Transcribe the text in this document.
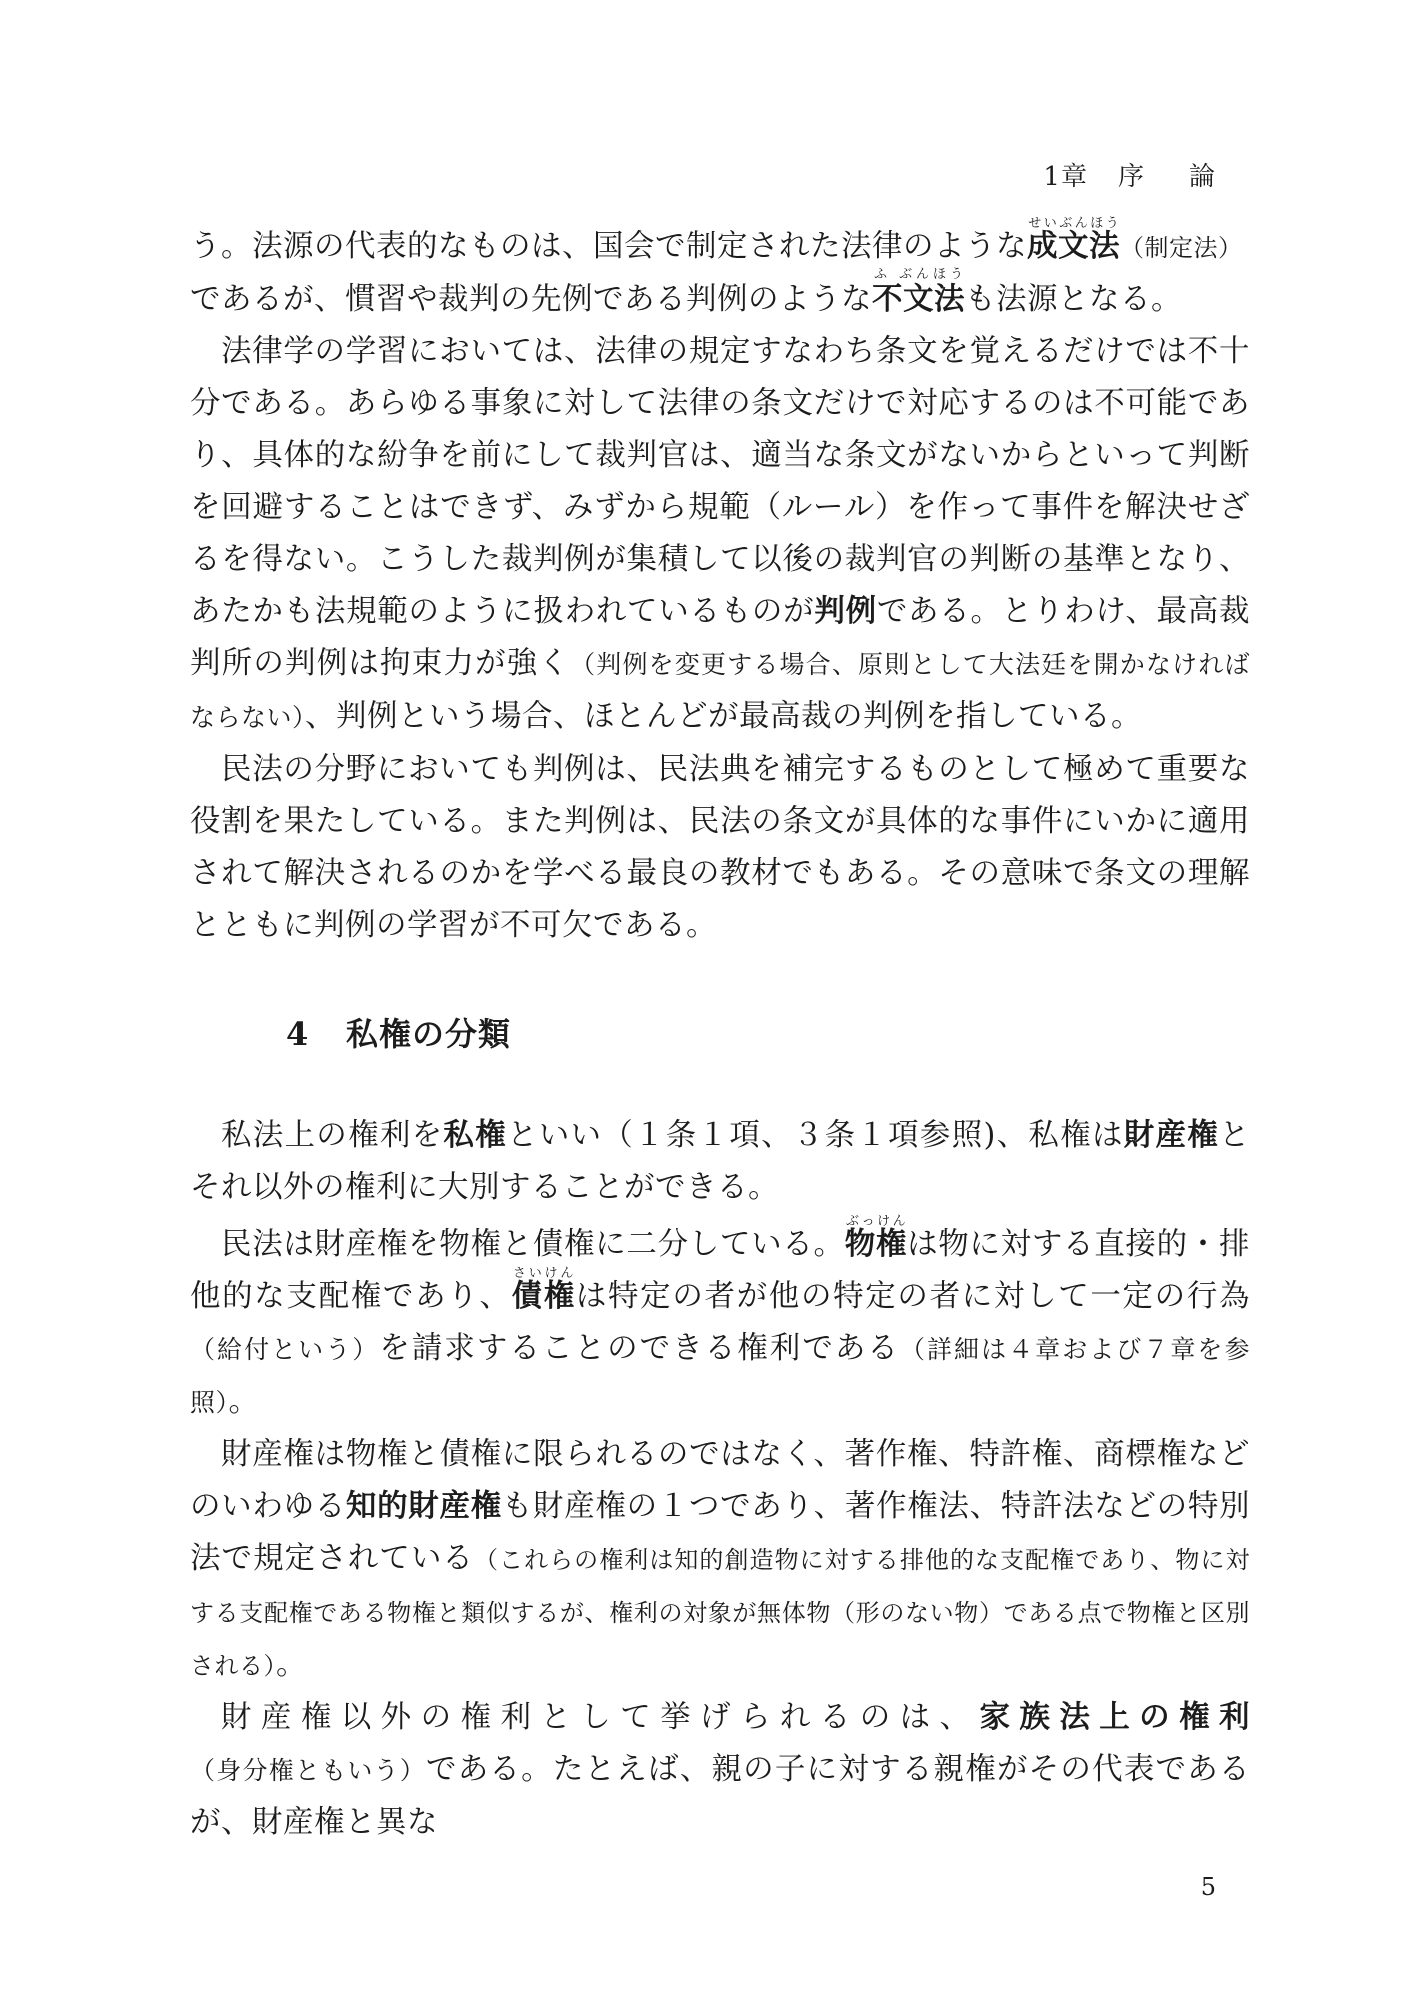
1章 序 論

う。法源の代表的なものは、国会で制定された法律のような成文法せいぶんほう（制定法）
であるが、慣習や裁判の先例である判例のような不文法ふ ぶんほうも法源となる。

法律学の学習においては、法律の規定すなわち条文を覚えるだけでは不十分である。あらゆる事象に対して法律の条文だけで対応するのは不可能であり、具体的な紛争を前にして裁判官は、適当な条文がないからといって判断を回避することはできず、みずから規範（ルール）を作って事件を解決せざるを得ない。こうした裁判例が集積して以後の裁判官の判断の基準となり、あたかも法規範のように扱われているものが判例である。とりわけ、最高裁判所の判例は拘束力が強く（判例を変更する場合、原則として大法廷を開かなければならない）、判例という場合、ほとんどが最高裁の判例を指している。

民法の分野においても判例は、民法典を補完するものとして極めて重要な役割を果たしている。また判例は、民法の条文が具体的な事件にいかに適用されて解決されるのかを学べる最良の教材でもある。その意味で条文の理解とともに判例の学習が不可欠である。

4 私権の分類

私法上の権利を私権といい（１条１項、３条１項参照)、私権は財産権とそれ以外の権利に大別することができる。

民法は財産権を物権と債権に二分している。物権ぶっけんは物に対する直接的・排他的な支配権であり、債権さいけんは特定の者が他の特定の者に対して一定の行為（給付という）を請求することのできる権利である（詳細は４章および７章を参照）。

財産権は物権と債権に限られるのではなく、著作権、特許権、商標権などのいわゆる知的財産権も財産権の１つであり、著作権法、特許法などの特別法で規定されている（これらの権利は知的創造物に対する排他的な支配権であり、物に対する支配権である物権と類似するが、権利の対象が無体物（形のない物）である点で物権と区別される）。

財産権以外の権利として挙げられるのは、家族法上の権利（身分権ともいう）である。たとえば、親の子に対する親権がその代表であるが、財産権と異な

5
